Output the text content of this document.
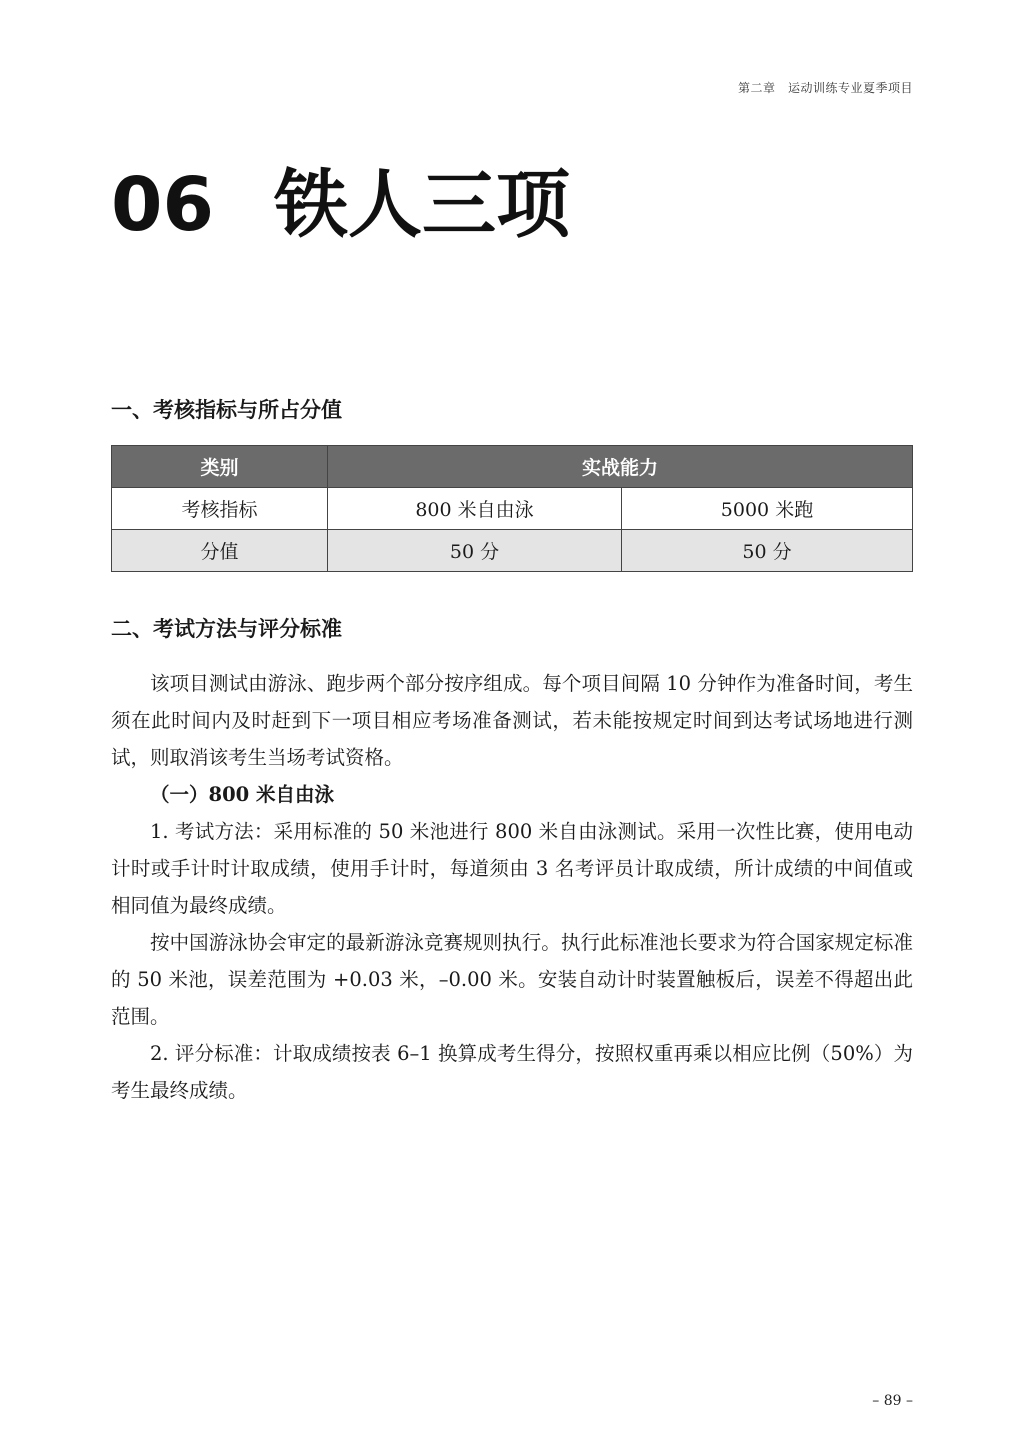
第二章　运动训练专业夏季项目
06 铁人三项
一、考核指标与所占分值
类别	实战能力	
考核指标	800 米自由泳	5000 米跑
分值	50 分	50 分
二、考试方法与评分标准

该项目测试由游泳、跑步两个部分按序组成。每个项目间隔 10 分钟作为准备时间，考生须在此时间内及时赶到下一项目相应考场准备测试，若未能按规定时间到达考试场地进行测试，则取消该考生当场考试资格。

（一）800 米自由泳

1. 考试方法：采用标准的 50 米池进行 800 米自由泳测试。采用一次性比赛，使用电动计时或手计时计取成绩，使用手计时，每道须由 3 名考评员计取成绩，所计成绩的中间值或相同值为最终成绩。

按中国游泳协会审定的最新游泳竞赛规则执行。执行此标准池长要求为符合国家规定标准的 50 米池，误差范围为 +0.03 米，–0.00 米。安装自动计时装置触板后，误差不得超出此范围。

2. 评分标准：计取成绩按表 6–1 换算成考生得分，按照权重再乘以相应比例（50%）为考生最终成绩。

– 89 –
